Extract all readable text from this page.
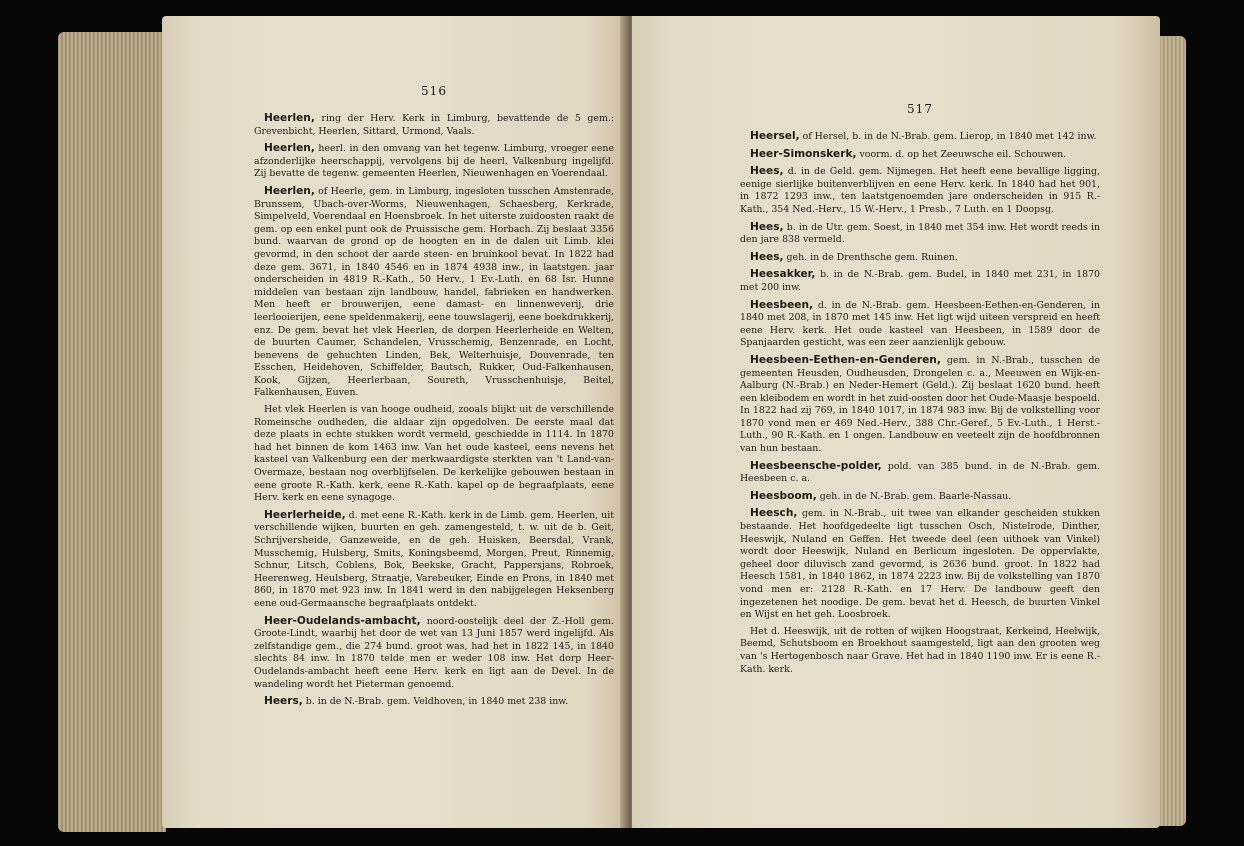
516

Heerlen, ring der Herv. Kerk in Limburg, bevattende de 5 gem.: Grevenbicht, Heerlen, Sittard, Urmond, Vaals.

Heerlen, heerl. in den omvang van het tegenw. Limburg, vroeger eene afzonderlijke heerschappij, vervolgens bij de heerl. Valkenburg ingelijfd. Zij bevatte de tegenw. gemeenten Heerlen, Nieuwenhagen en Voerendaal.

Heerlen, of Heerle, gem. in Limburg, ingesloten tusschen Amstenrade, Brunssem, Ubach-over-Worms, Nieuwenhagen, Schaesberg, Kerkrade, Simpelveld, Voerendaal en Hoensbroek. In het uiterste zuidoosten raakt de gem. op een enkel punt ook de Pruissische gem. Horbach. Zij beslaat 3356 bund. waarvan de grond op de hoogten en in de dalen uit Limb. klei gevormd, in den schoot der aarde steen- en bruinkool bevat. In 1822 had deze gem. 3671, in 1840 4546 en in 1874 4938 inw., in laatstgen. jaar onderscheiden in 4819 R.-Kath., 50 Herv., 1 Ev.-Luth. en 68 Isr. Hunne middelen van bestaan zijn landbouw, handel, fabrieken en handwerken. Men heeft er brouwerijen, eene damast- en linnenweverij, drie leerlooierijen, eene speldenmakerij, eene touwslagerij, eene boekdrukkerij, enz. De gem. bevat het vlek Heerlen, de dorpen Heerlerheide en Welten, de buurten Caumer, Schandelen, Vrusschemig, Benzenrade, en Locht, benevens de gehuchten Linden, Bek, Welterhuisje, Douvenrade, ten Esschen, Heidehoven, Schiffelder, Bautsch, Rukker, Oud-Falkenhausen, Kook, Gijzen, Heerlerbaan, Soureth, Vrusschenhuisje, Beitel, Falkenhausen, Euven.

Het vlek Heerlen is van hooge oudheid, zooals blijkt uit de verschillende Romeinsche oudheden, die aldaar zijn opgedolven. De eerste maal dat deze plaats in echte stukken wordt vermeld, geschiedde in 1114. In 1870 had het binnen de kom 1463 inw. Van het oude kasteel, eens nevens het kasteel van Valkenburg een der merkwaardigste sterkten van 't Land-van-Overmaze, bestaan nog overblijfselen. De kerkelijke gebouwen bestaan in eene groote R.-Kath. kerk, eene R.-Kath. kapel op de begraafplaats, eene Herv. kerk en eene synagoge.

Heerlerheide, d. met eene R.-Kath. kerk in de Limb. gem. Heerlen, uit verschillende wijken, buurten en geh. zamengesteld, t. w. uit de b. Geit, Schrijversheide, Ganzeweide, en de geh. Huisken, Beersdal, Vrank, Musschemig, Hulsberg, Smits, Koningsbeemd, Morgen, Preut, Rinnemig, Schnur, Litsch, Coblens, Bok, Beekske, Gracht, Pappersjans, Robroek, Heerenweg, Heulsberg, Straatje, Varebeuker, Einde en Prons, in 1840 met 860, in 1870 met 923 inw. In 1841 werd in den nabijgelegen Heksenberg eene oud-Germaansche begraafplaats ontdekt.

Heer-Oudelands-ambacht, noord-oostelijk deel der Z.-Holl gem. Groote-Lindt, waarbij het door de wet van 13 Juni 1857 werd ingelijfd. Als zelfstandige gem., die 274 bund. groot was, had het in 1822 145, in 1840 slechts 84 inw. In 1870 telde men er weder 108 inw. Het dorp Heer-Oudelands-ambacht heeft eene Herv. kerk en ligt aan de Devel. In de wandeling wordt het Pieterman genoemd.

Heers, b. in de N.-Brab. gem. Veldhoven, in 1840 met 238 inw.

517

Heersel, of Hersel, b. in de N.-Brab. gem. Lierop, in 1840 met 142 inw.

Heer-Simonskerk, voorm. d. op het Zeeuwsche eil. Schouwen.

Hees, d. in de Geld. gem. Nijmegen. Het heeft eene bevallige ligging, eenige sierlijke buitenverblijven en eene Herv. kerk. In 1840 had het 901, in 1872 1293 inw., ten laatstgenoemden jare onderscheiden in 915 R.-Kath., 354 Ned.-Herv., 15 W.-Herv., 1 Presb., 7 Luth. en 1 Doopsg.

Hees, b. in de Utr. gem. Soest, in 1840 met 354 inw. Het wordt reeds in den jare 838 vermeld.

Hees, geh. in de Drenthsche gem. Ruinen.

Heesakker, b. in de N.-Brab. gem. Budel, in 1840 met 231, in 1870 met 200 inw.

Heesbeen, d. in de N.-Brab. gem. Heesbeen-Eethen-en-Genderen, in 1840 met 208, in 1870 met 145 inw. Het ligt wijd uiteen verspreid en heeft eene Herv. kerk. Het oude kasteel van Heesbeen, in 1589 door de Spanjaarden gesticht, was een zeer aanzienlijk gebouw.

Heesbeen-Eethen-en-Genderen, gem. in N.-Brab., tusschen de gemeenten Heusden, Oudheusden, Drongelen c. a., Meeuwen en Wijk-en-Aalburg (N.-Brab.) en Neder-Hemert (Geld.). Zij beslaat 1620 bund. heeft een kleibodem en wordt in het zuid-oosten door het Oude-Maasje bespoeld. In 1822 had zij 769, in 1840 1017, in 1874 983 inw. Bij de volkstelling voor 1870 vond men er 469 Ned.-Herv., 388 Chr.-Geref., 5 Ev.-Luth., 1 Herst.-Luth., 90 R.-Kath. en 1 ongen. Landbouw en veeteelt zijn de hoofdbronnen van hun bestaan.

Heesbeensche-polder, pold. van 385 bund. in de N.-Brab. gem. Heesbeen c. a.

Heesboom, geh. in de N.-Brab. gem. Baarle-Nassau.

Heesch, gem. in N.-Brab., uit twee van elkander gescheiden stukken bestaande. Het hoofdgedeelte ligt tusschen Osch, Nistelrode, Dinther, Heeswijk, Nuland en Geffen. Het tweede deel (een uithoek van Vinkel) wordt door Heeswijk, Nuland en Berlicum ingesloten. De oppervlakte, geheel door diluvisch zand gevormd, is 2636 bund. groot. In 1822 had Heesch 1581, in 1840 1862, in 1874 2223 inw. Bij de volkstelling van 1870 vond men er: 2128 R.-Kath. en 17 Herv. De landbouw geeft den ingezetenen het noodige. De gem. bevat het d. Heesch, de buurten Vinkel en Wijst en het geh. Loosbroek.

Het d. Heeswijk, uit de rotten of wijken Hoogstraat, Kerkeind, Heelwijk, Beemd, Schutsboom en Broekhout saamgesteld, ligt aan den grooten weg van 's Hertogenbosch naar Grave. Het had in 1840 1190 inw. Er is eene R.-Kath. kerk.
